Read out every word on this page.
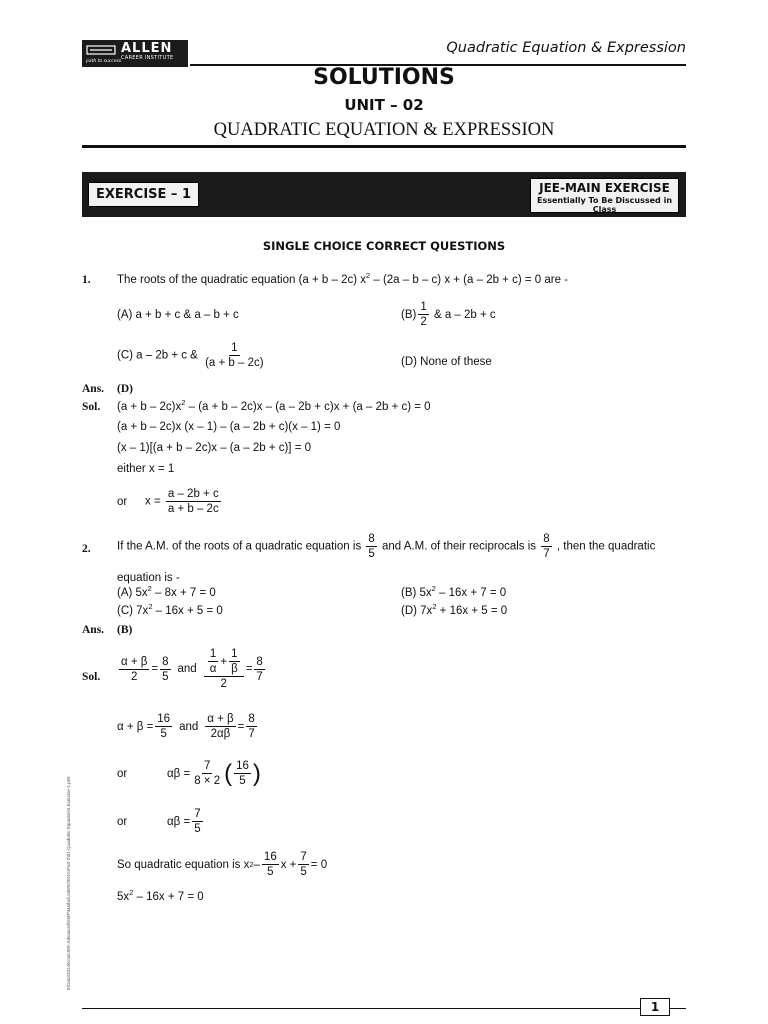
ALLEN
CAREER INSTITUTE
path to success
Quadratic Equation & Expression
SOLUTIONS
UNIT – 02
QUADRATIC EQUATION & EXPRESSION
EXERCISE – 1	JEE-MAIN EXERCISE
Essentially To Be Discussed in Class
SINGLE CHOICE CORRECT QUESTIONS
1. The roots of the quadratic equation (a + b – 2c) $x^2 - (2a - b - c) x + (a - 2b + c) = 0$ are -
(A) a + b + c & a – b + c	$(B) \frac{1}{2}$ & a – 2b + c
(C) a – 2b + c & $\frac{1}{(a + b - 2c)}$	(D) None of these
Ans. (D)
Sol. $(a + b - 2c)x^2 - (a + b - 2c)x - (a - 2b + c)x + (a - 2b + c) = 0$
(a + b – 2c)x (x – 1) – (a – 2b + c)(x – 1) = 0
(x – 1)[(a + b – 2c)x – (a – 2b + c)] = 0
either x = 1
or $x = \frac{a - 2b + c}{a + b - 2c}$
2. If the A.M. of the roots of a quadratic equation is $\frac{8}{5}$ and A.M. of their reciprocals is $\frac{8}{7}$ , then the quadratic
equation is -
(A) $5x^2 - 8x + 7 = 0$	(B) $5x^2 - 16x + 7 = 0$
(C) $7x^2 - 16x + 5 = 0$	(D) $7x^2 + 16x + 5 = 0$
Ans. (B)
Sol. $\frac{\alpha + \beta}{2} = \frac{8}{5}$ and $\frac{\frac{1}{\alpha} + \frac{1}{\beta}}{2} = \frac{8}{7}$
$\alpha + \beta = \frac{16}{5}$ and $\frac{\alpha + \beta}{2\alpha\beta} = \frac{8}{7}$
or	$\alpha\beta = \frac{7}{8 \times 2}$ ( $\frac{16}{5}$ )
or	$\alpha\beta = \frac{7}{5}$
So quadratic equation is x $2 - \frac{16}{5}$ $x + \frac{7}{5} = 0$
$5x^2 - 16x + 7 = 0$
E\Data\2014\Kota\JEE-Advanced\SMP\Maths\Unit#02\ENG\Part-2\01-Quadratic Equation\3.Exercise-1.p65
1
